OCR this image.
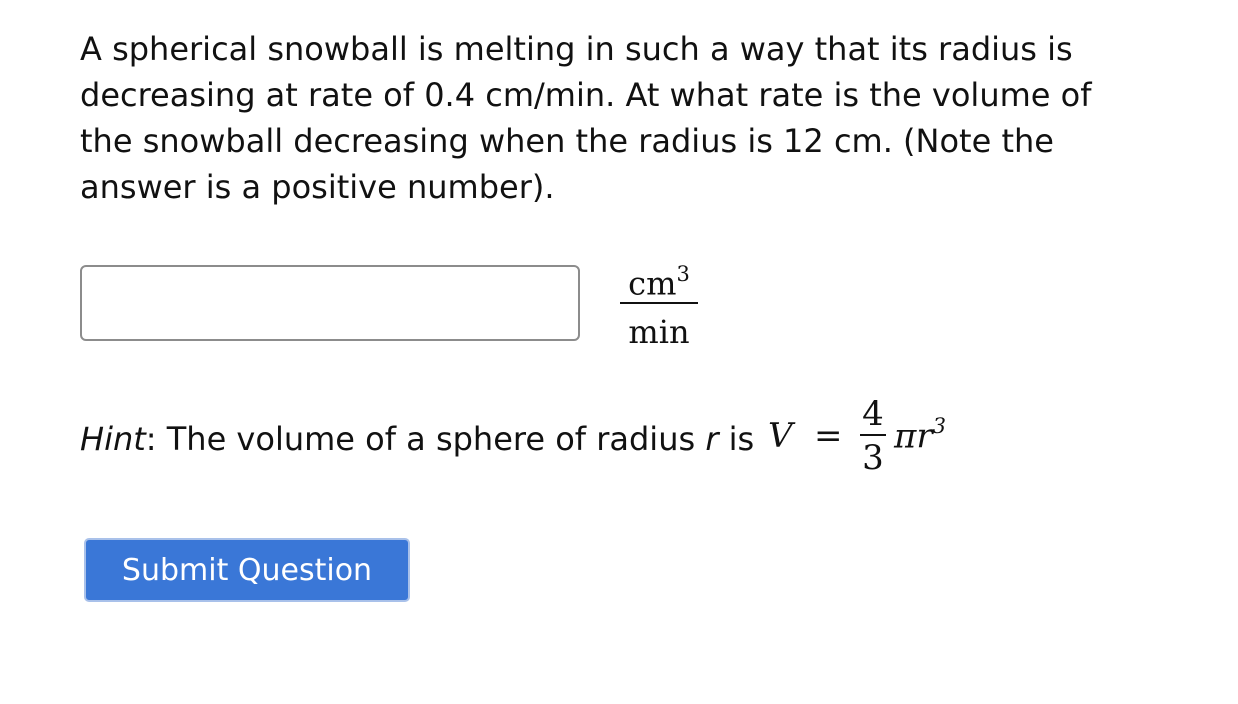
A spherical snowball is melting in such a way that its radius is decreasing at rate of 0.4 cm/min. At what rate is the volume of the snowball decreasing when the radius is 12 cm. (Note the answer is a positive number).

$cm^3$
min
Hint: The volume of a sphere of radius r is V =
4
3
$\pi r^3$
Submit Question
